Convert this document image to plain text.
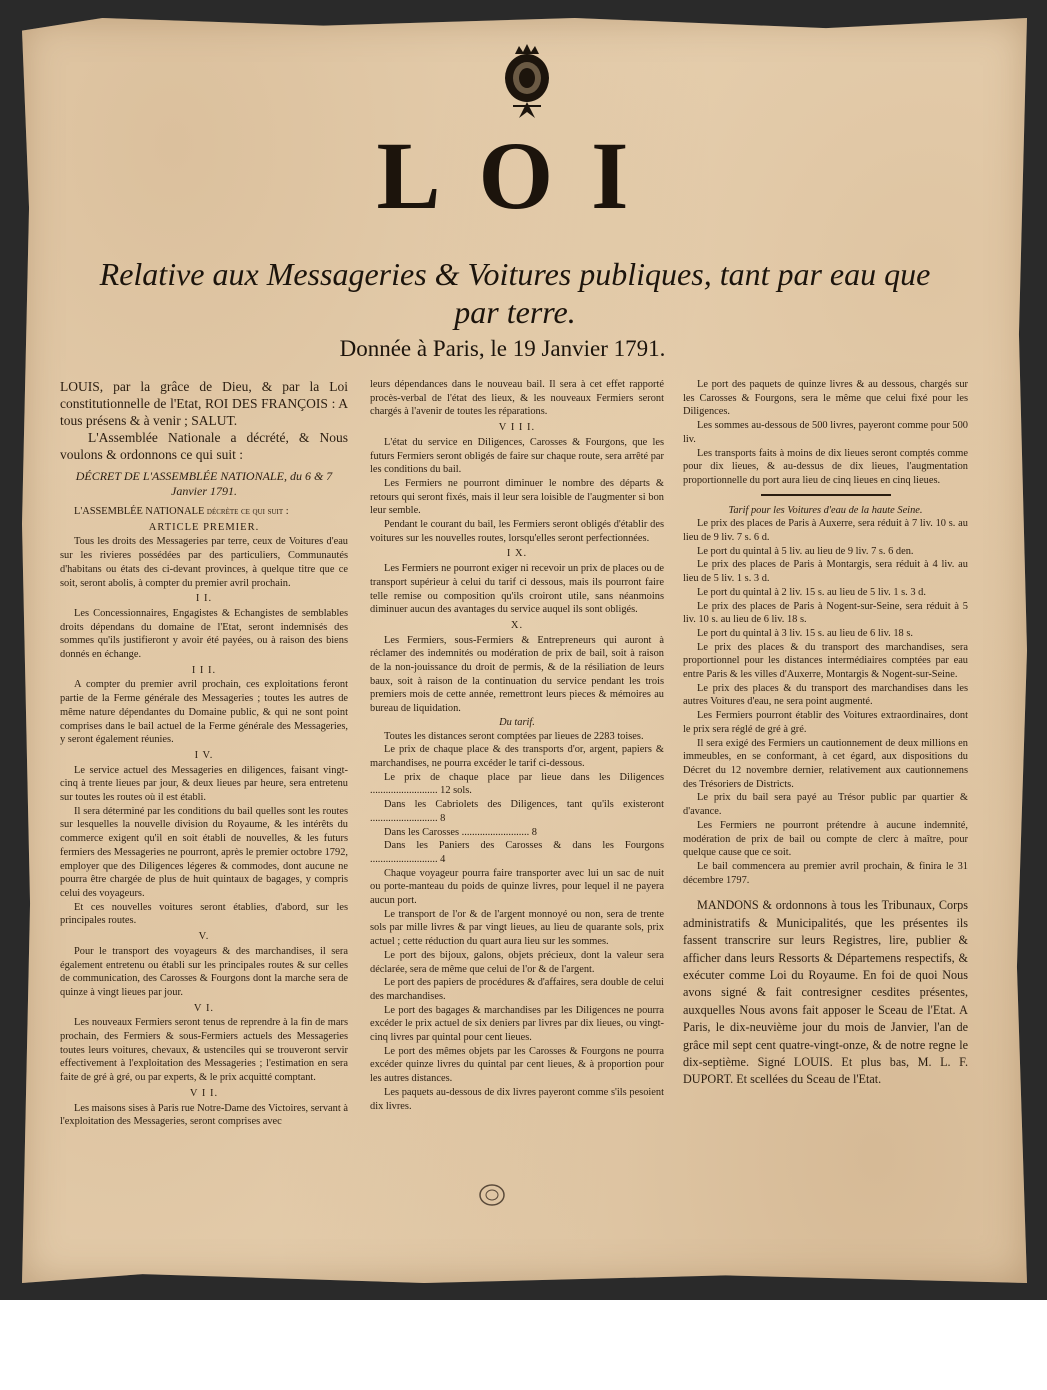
LOI
Relative aux Messageries & Voitures publiques, tant par eau que par terre.
Donnée à Paris, le 19 Janvier 1791.

LOUIS, par la grâce de Dieu, & par la Loi constitutionnelle de l'Etat, ROI DES FRANÇOIS : A tous présens & à venir ; SALUT.

L'Assemblée Nationale a décrété, & Nous voulons & ordonnons ce qui suit :

DÉCRET DE L'ASSEMBLÉE NATIONALE, du 6 & 7 Janvier 1791.

L'ASSEMBLÉE NATIONALE décrète ce qui suit :

ARTICLE PREMIER.

Tous les droits des Messageries par terre, ceux de Voitures d'eau sur les rivieres possédées par des particuliers, Communautés d'habitans ou états des ci-devant provinces, à quelque titre que ce soit, seront abolis, à compter du premier avril prochain.

I I.

Les Concessionnaires, Engagistes & Echangistes de semblables droits dépendans du domaine de l'Etat, seront indemnisés des sommes qu'ils justifieront y avoir été payées, ou à raison des biens donnés en échange.

I I I.

A compter du premier avril prochain, ces exploitations feront partie de la Ferme générale des Messageries ; toutes les autres de même nature dépendantes du Domaine public, & qui ne sont point comprises dans le bail actuel de la Ferme générale des Messageries, y seront également réunies.

I V.

Le service actuel des Messageries en diligences, faisant vingt-cinq à trente lieues par jour, & deux lieues par heure, sera entretenu sur toutes les routes où il est établi.

Il sera déterminé par les conditions du bail quelles sont les routes sur lesquelles la nouvelle division du Royaume, & les intérêts du commerce exigent qu'il en soit établi de nouvelles, & les futurs fermiers des Messageries ne pourront, après le premier octobre 1792, employer que des Diligences légeres & commodes, dont aucune ne pourra être chargée de plus de huit quintaux de bagages, y compris celui des voyageurs.

Et ces nouvelles voitures seront établies, d'abord, sur les principales routes.

V.

Pour le transport des voyageurs & des marchandises, il sera également entretenu ou établi sur les principales routes & sur celles de communication, des Carosses & Fourgons dont la marche sera de quinze à vingt lieues par jour.

V I.

Les nouveaux Fermiers seront tenus de reprendre à la fin de mars prochain, des Fermiers & sous-Fermiers actuels des Messageries toutes leurs voitures, chevaux, & ustenciles qui se trouveront servir effectivement à l'exploitation des Messageries ; l'estimation en sera faite de gré à gré, ou par experts, & le prix acquitté comptant.

V I I.

Les maisons sises à Paris rue Notre-Dame des Victoires, servant à l'exploitation des Messageries, seront comprises avec

leurs dépendances dans le nouveau bail. Il sera à cet effet rapporté procès-verbal de l'état des lieux, & les nouveaux Fermiers seront chargés à l'avenir de toutes les réparations.

V I I I.

L'état du service en Diligences, Carosses & Fourgons, que les futurs Fermiers seront obligés de faire sur chaque route, sera arrêté par les conditions du bail.

Les Fermiers ne pourront diminuer le nombre des départs & retours qui seront fixés, mais il leur sera loisible de l'augmenter si bon leur semble.

Pendant le courant du bail, les Fermiers seront obligés d'établir des voitures sur les nouvelles routes, lorsqu'elles seront perfectionnées.

I X.

Les Fermiers ne pourront exiger ni recevoir un prix de places ou de transport supérieur à celui du tarif ci dessous, mais ils pourront faire telle remise ou composition qu'ils croiront utile, sans néanmoins diminuer aucun des avantages du service auquel ils sont obligés.

X.

Les Fermiers, sous-Fermiers & Entrepreneurs qui auront à réclamer des indemnités ou modération de prix de bail, soit à raison de la non-jouissance du droit de permis, & de la résiliation de leurs baux, soit à raison de la continuation du service pendant les trois premiers mois de cette année, remettront leurs pieces & mémoires au bureau de liquidation.

Du tarif.

Toutes les distances seront comptées par lieues de 2283 toises.

Le prix de chaque place & des transports d'or, argent, papiers & marchandises, ne pourra excéder le tarif ci-dessous.

Le prix de chaque place par lieue dans les Diligences .......................... 12 sols.

Dans les Cabriolets des Diligences, tant qu'ils existeront .......................... 8

Dans les Carosses .......................... 8

Dans les Paniers des Carosses & dans les Fourgons .......................... 4

Chaque voyageur pourra faire transporter avec lui un sac de nuit ou porte-manteau du poids de quinze livres, pour lequel il ne payera aucun port.

Le transport de l'or & de l'argent monnoyé ou non, sera de trente sols par mille livres & par vingt lieues, au lieu de quarante sols, prix actuel ; cette réduction du quart aura lieu sur les sommes.

Le port des bijoux, galons, objets précieux, dont la valeur sera déclarée, sera de même que celui de l'or & de l'argent.

Le port des papiers de procédures & d'affaires, sera double de celui des marchandises.

Le port des bagages & marchandises par les Diligences ne pourra excéder le prix actuel de six deniers par livres par dix lieues, ou vingt-cinq livres par quintal pour cent lieues.

Le port des mêmes objets par les Carosses & Fourgons ne pourra excéder quinze livres du quintal par cent lieues, & à proportion pour les autres distances.

Les paquets au-dessous de dix livres payeront comme s'ils pesoient dix livres.

Le port des paquets de quinze livres & au dessous, chargés sur les Carosses & Fourgons, sera le même que celui fixé pour les Diligences.

Les sommes au-dessous de 500 livres, payeront comme pour 500 liv.

Les transports faits à moins de dix lieues seront comptés comme pour dix lieues, & au-dessus de dix lieues, l'augmentation proportionnelle du port aura lieu de cinq lieues en cinq lieues.

Tarif pour les Voitures d'eau de la haute Seine.

Le prix des places de Paris à Auxerre, sera réduit à 7 liv. 10 s. au lieu de 9 liv. 7 s. 6 d.

Le port du quintal à 5 liv. au lieu de 9 liv. 7 s. 6 den.

Le prix des places de Paris à Montargis, sera réduit à 4 liv. au lieu de 5 liv. 1 s. 3 d.

Le port du quintal à 2 liv. 15 s. au lieu de 5 liv. 1 s. 3 d.

Le prix des places de Paris à Nogent-sur-Seine, sera réduit à 5 liv. 10 s. au lieu de 6 liv. 18 s.

Le port du quintal à 3 liv. 15 s. au lieu de 6 liv. 18 s.

Le prix des places & du transport des marchandises, sera proportionnel pour les distances intermédiaires comptées par eau entre Paris & les villes d'Auxerre, Montargis & Nogent-sur-Seine.

Le prix des places & du transport des marchandises dans les autres Voitures d'eau, ne sera point augmenté.

Les Fermiers pourront établir des Voitures extraordinaires, dont le prix sera réglé de gré à gré.

Il sera exigé des Fermiers un cautionnement de deux millions en immeubles, en se conformant, à cet égard, aux dispositions du Décret du 12 novembre dernier, relativement aux cautionnemens des Trésoriers de Districts.

Le prix du bail sera payé au Trésor public par quartier & d'avance.

Les Fermiers ne pourront prétendre à aucune indemnité, modération de prix de bail ou compte de clerc à maître, pour quelque cause que ce soit.

Le bail commencera au premier avril prochain, & finira le 31 décembre 1797.

MANDONS & ordonnons à tous les Tribunaux, Corps administratifs & Municipalités, que les présentes ils fassent transcrire sur leurs Registres, lire, publier & afficher dans leurs Ressorts & Départemens respectifs, & exécuter comme Loi du Royaume. En foi de quoi Nous avons signé & fait contresigner cesdites présentes, auxquelles Nous avons fait apposer le Sceau de l'Etat. A Paris, le dix-neuvième jour du mois de Janvier, l'an de grâce mil sept cent quatre-vingt-onze, & de notre regne le dix-septième. Signé LOUIS. Et plus bas, M. L. F. DUPORT. Et scellées du Sceau de l'Etat.
